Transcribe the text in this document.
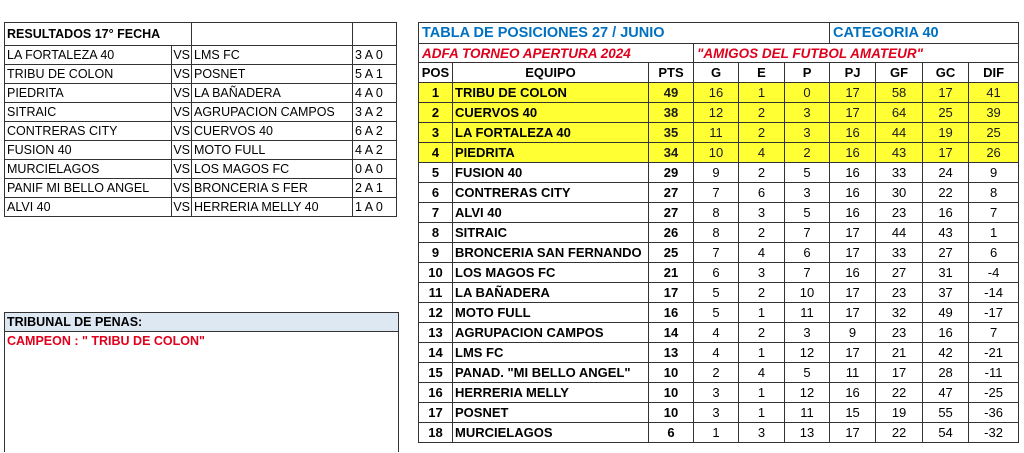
RESULTADOS 17° FECHA			
LA FORTALEZA 40	VS	LMS FC	3 A 0
TRIBU DE COLON	VS	POSNET	5 A 1
PIEDRITA	VS	LA BAÑADERA	4 A 0
SITRAIC	VS	AGRUPACION CAMPOS	3 A 2
CONTRERAS CITY	VS	CUERVOS 40	6 A 2
FUSION 40	VS	MOTO FULL	4 A 2
MURCIELAGOS	VS	LOS MAGOS FC	0 A 0
PANIF MI BELLO ANGEL	VS	BRONCERIA S FER	2 A 1
ALVI 40	VS	HERRERIA MELLY 40	1 A 0
TRIBUNAL DE PENAS:
CAMPEON : " TRIBU DE COLON"
TABLA DE POSICIONES 27 / JUNIO						CATEGORIA 40			
ADFA TORNEO APERTURA 2024			"AMIGOS DEL FUTBOL AMATEUR"						
POS	EQUIPO	PTS	G	E	P	PJ	GF	GC	DIF
1	TRIBU DE COLON	49	16	1	0	17	58	17	41
2	CUERVOS 40	38	12	2	3	17	64	25	39
3	LA FORTALEZA 40	35	11	2	3	16	44	19	25
4	PIEDRITA	34	10	4	2	16	43	17	26
5	FUSION 40	29	9	2	5	16	33	24	9
6	CONTRERAS CITY	27	7	6	3	16	30	22	8
7	ALVI 40	27	8	3	5	16	23	16	7
8	SITRAIC	26	8	2	7	17	44	43	1
9	BRONCERIA SAN FERNANDO	25	7	4	6	17	33	27	6
10	LOS MAGOS FC	21	6	3	7	16	27	31	-4
11	LA BAÑADERA	17	5	2	10	17	23	37	-14
12	MOTO FULL	16	5	1	11	17	32	49	-17
13	AGRUPACION CAMPOS	14	4	2	3	9	23	16	7
14	LMS FC	13	4	1	12	17	21	42	-21
15	PANAD. "MI BELLO ANGEL"	10	2	4	5	11	17	28	-11
16	HERRERIA MELLY	10	3	1	12	16	22	47	-25
17	POSNET	10	3	1	11	15	19	55	-36
18	MURCIELAGOS	6	1	3	13	17	22	54	-32
